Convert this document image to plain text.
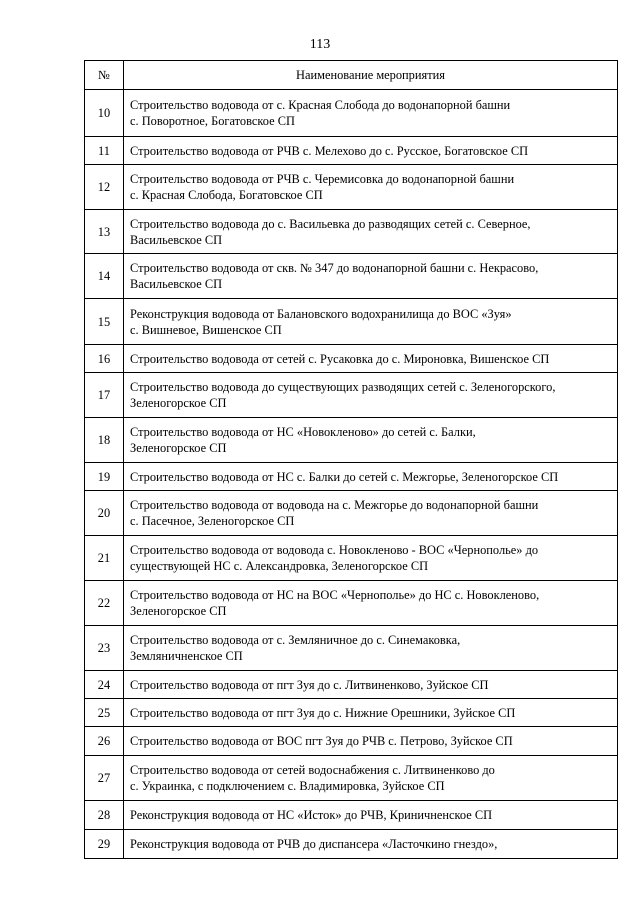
113
№	Наименование мероприятия
10	Строительство водовода от с. Красная Слобода до водонапорной башни
с. Поворотное, Богатовское СП
11	Строительство водовода от РЧВ с. Мелехово до с. Русское, Богатовское СП
12	Строительство водовода от РЧВ с. Черемисовка до водонапорной башни
с. Красная Слобода, Богатовское СП
13	Строительство водовода до с. Васильевка до разводящих сетей с. Северное,
Васильевское СП
14	Строительство водовода от скв. № 347 до водонапорной башни с. Некрасово,
Васильевское СП
15	Реконструкция водовода от Балановского водохранилища до ВОС «Зуя»
с. Вишневое, Вишенское СП
16	Строительство водовода от сетей с. Русаковка до с. Мироновка, Вишенское СП
17	Строительство водовода до существующих разводящих сетей с. Зеленогорского,
Зеленогорское СП
18	Строительство водовода от НС «Новокленово» до сетей с. Балки,
Зеленогорское СП
19	Строительство водовода от НС с. Балки до сетей с. Межгорье, Зеленогорское СП
20	Строительство водовода от водовода на с. Межгорье до водонапорной башни
с. Пасечное, Зеленогорское СП
21	Строительство водовода от водовода с. Новокленово - ВОС «Чернополье» до
существующей НС с. Александровка, Зеленогорское СП
22	Строительство водовода от НС на ВОС «Чернополье» до НС с. Новокленово,
Зеленогорское СП
23	Строительство водовода от с. Земляничное до с. Синемаковка,
Земляничненское СП
24	Строительство водовода от пгт Зуя до с. Литвиненково, Зуйское СП
25	Строительство водовода от пгт Зуя до с. Нижние Орешники, Зуйское СП
26	Строительство водовода от ВОС пгт Зуя до РЧВ с. Петрово, Зуйское СП
27	Строительство водовода от сетей водоснабжения с. Литвиненково до
с. Украинка, с подключением с. Владимировка, Зуйское СП
28	Реконструкция водовода от НС «Исток» до РЧВ, Криничненское СП
29	Реконструкция водовода от РЧВ до диспансера «Ласточкино гнездо»,
